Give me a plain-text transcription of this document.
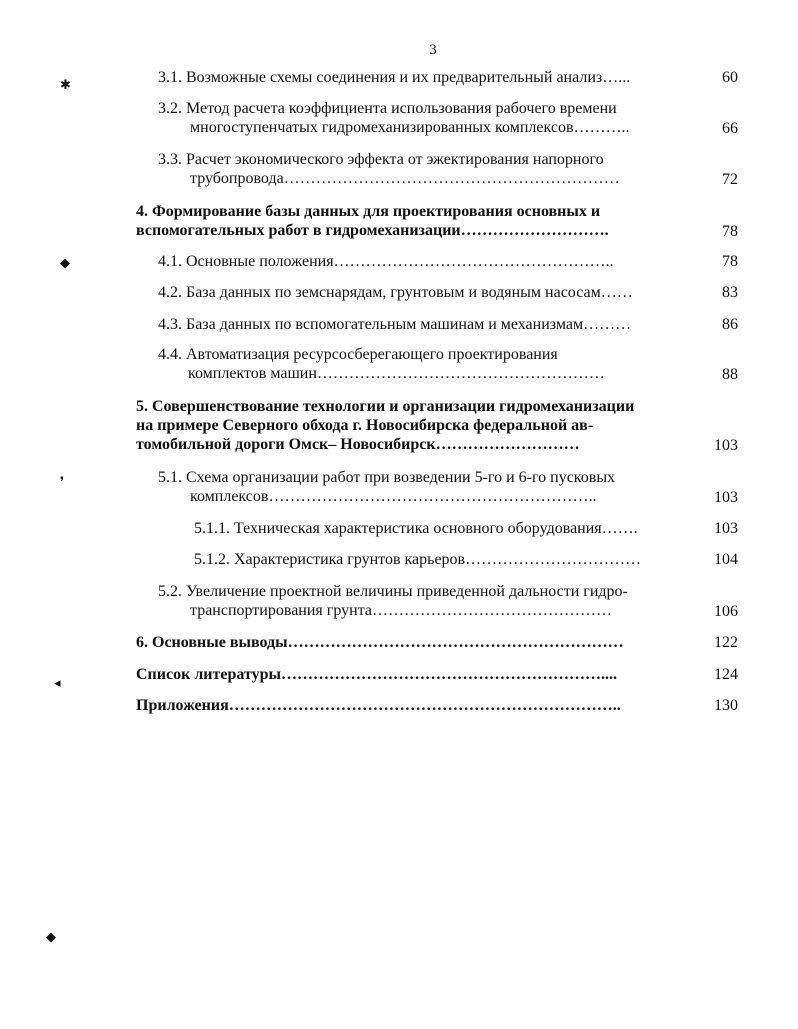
3
✱
◆
❜
◂
◆
3.1. Возможные схемы соединения и их предварительный анализ…...	60
3.2. Метод расчета коэффициента использования рабочего времени
многоступенчатых гидромеханизированных комплексов………..	66
3.3. Расчет экономического эффекта от эжектирования напорного
трубопровода………………………………………………………	72
4. Формирование базы данных для проектирования основных и
вспомогательных работ в гидромеханизации……………………….	78
4.1. Основные положения……………………………………………..	78
4.2. База данных по земснарядам, грунтовым и водяным насосам……	83
4.3. База данных по вспомогательным машинам и механизмам………	86
4.4. Автоматизация ресурсосберегающего проектирования
комплектов машин………………………………………………	88
5. Совершенствование технологии и организации гидромеханизации
на примере Северного обхода г. Новосибирска федеральной ав-
томобильной дороги Омск– Новосибирск………………………	103
5.1. Схема организации работ при возведении 5-го и 6-го пусковых
комплексов……………………………………………………..	103
5.1.1. Техническая характеристика основного оборудования…….	103
5.1.2. Характеристика грунтов карьеров……………………………	104
5.2. Увеличение проектной величины приведенной дальности гидро-
транспортирования грунта………………………………………	106
6. Основные выводы………………………………………………………	122
Список литературы……………………………………………………....	124
Приложения………………………………………………………………..	130
